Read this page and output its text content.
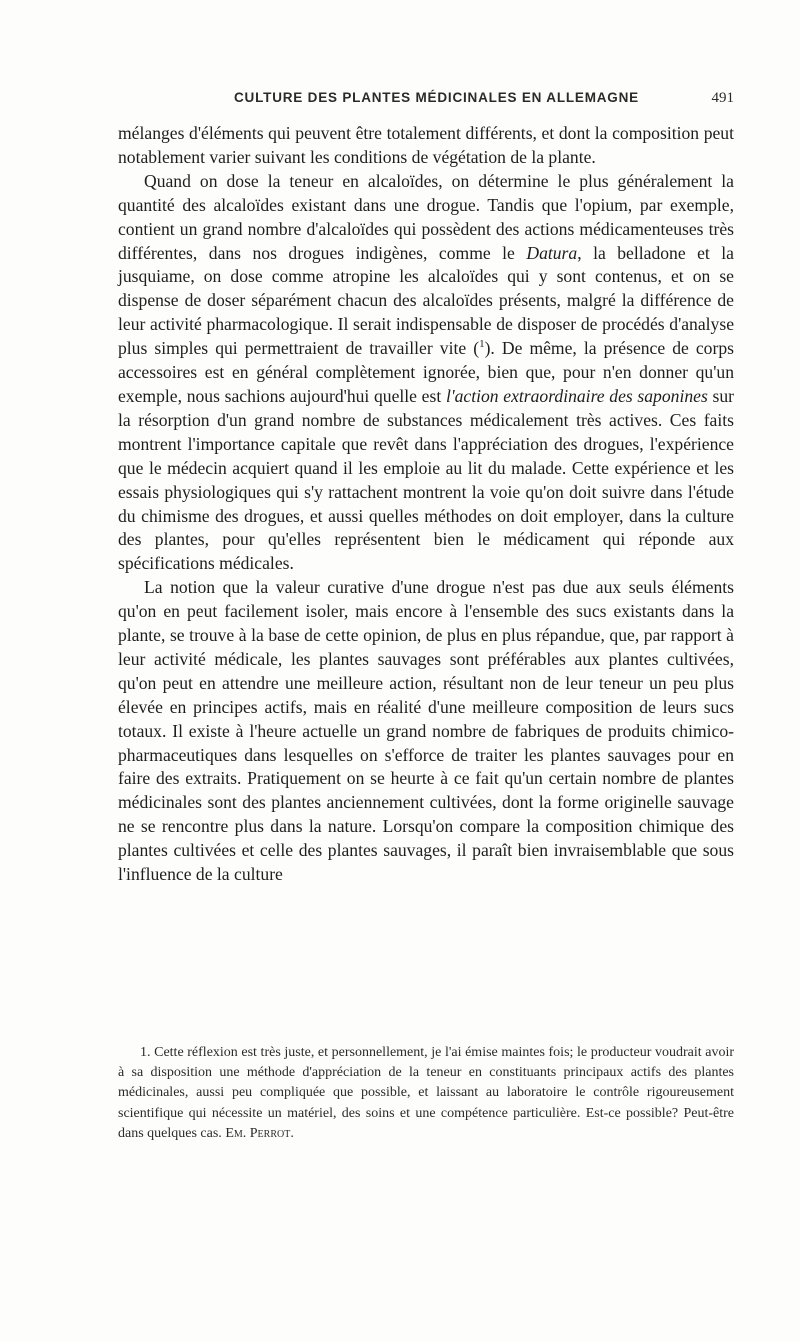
CULTURE DES PLANTES MÉDICINALES EN ALLEMAGNE	491

mélanges d'éléments qui peuvent être totalement différents, et dont la composition peut notablement varier suivant les conditions de végétation de la plante.

Quand on dose la teneur en alcaloïdes, on détermine le plus généralement la quantité des alcaloïdes existant dans une drogue. Tandis que l'opium, par exemple, contient un grand nombre d'alcaloïdes qui possèdent des actions médicamenteuses très différentes, dans nos drogues indigènes, comme le Datura, la belladone et la jusquiame, on dose comme atropine les alcaloïdes qui y sont contenus, et on se dispense de doser séparément chacun des alcaloïdes présents, malgré la différence de leur activité pharmacologique. Il serait indispensable de disposer de procédés d'analyse plus simples qui permettraient de travailler vite ($^1$). De même, la présence de corps accessoires est en général complètement ignorée, bien que, pour n'en donner qu'un exemple, nous sachions aujourd'hui quelle est l'action extraordinaire des saponines sur la résorption d'un grand nombre de substances médicalement très actives. Ces faits montrent l'importance capitale que revêt dans l'appréciation des drogues, l'expérience que le médecin acquiert quand il les emploie au lit du malade. Cette expérience et les essais physiologiques qui s'y rattachent montrent la voie qu'on doit suivre dans l'étude du chimisme des drogues, et aussi quelles méthodes on doit employer, dans la culture des plantes, pour qu'elles représentent bien le médicament qui réponde aux spécifications médicales.

La notion que la valeur curative d'une drogue n'est pas due aux seuls éléments qu'on en peut facilement isoler, mais encore à l'ensemble des sucs existants dans la plante, se trouve à la base de cette opinion, de plus en plus répandue, que, par rapport à leur activité médicale, les plantes sauvages sont préférables aux plantes cultivées, qu'on peut en attendre une meilleure action, résultant non de leur teneur un peu plus élevée en principes actifs, mais en réalité d'une meilleure composition de leurs sucs totaux. Il existe à l'heure actuelle un grand nombre de fabriques de produits chimico-pharmaceutiques dans lesquelles on s'efforce de traiter les plantes sauvages pour en faire des extraits. Pratiquement on se heurte à ce fait qu'un certain nombre de plantes médicinales sont des plantes anciennement cultivées, dont la forme originelle sauvage ne se rencontre plus dans la nature. Lorsqu'on compare la composition chimique des plantes cultivées et celle des plantes sauvages, il paraît bien invraisemblable que sous l'influence de la culture

1. Cette réflexion est très juste, et personnellement, je l'ai émise maintes fois; le producteur voudrait avoir à sa disposition une méthode d'appréciation de la teneur en constituants principaux actifs des plantes médicinales, aussi peu compliquée que possible, et laissant au laboratoire le contrôle rigoureusement scientifique qui nécessite un matériel, des soins et une compétence particulière. Est-ce possible? Peut-être dans quelques cas. Em. Perrot.
